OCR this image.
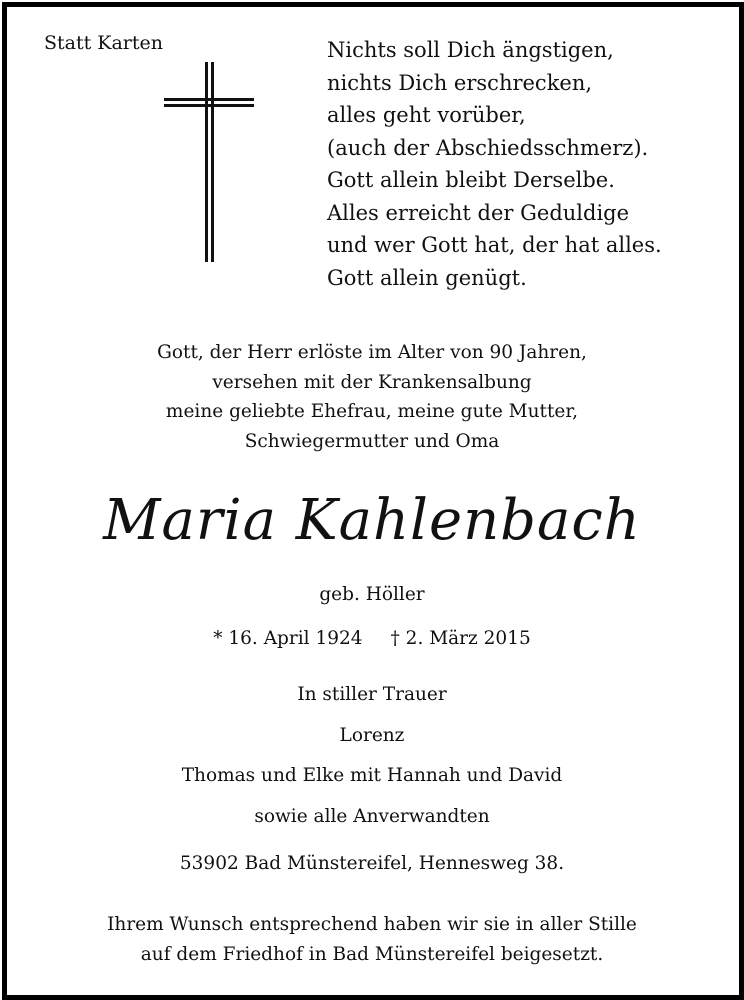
Statt Karten	Nichts soll Dich ängstigen,
nichts Dich erschrecken,
alles geht vorüber,
(auch der Abschiedsschmerz).
Gott allein bleibt Derselbe.
Alles erreicht der Geduldige
und wer Gott hat, der hat alles.
Gott allein genügt.
Gott, der Herr erlöste im Alter von 90 Jahren,
versehen mit der Krankensalbung
meine geliebte Ehefrau, meine gute Mutter,
Schwiegermutter und Oma
Maria Kahlenbach
geb. Höller
* 16. April 1924 † 2. März 2015
In stiller Trauer
Lorenz
Thomas und Elke mit Hannah und David
sowie alle Anverwandten
53902 Bad Münstereifel, Hennesweg 38.
Ihrem Wunsch entsprechend haben wir sie in aller Stille
auf dem Friedhof in Bad Münstereifel beigesetzt.
